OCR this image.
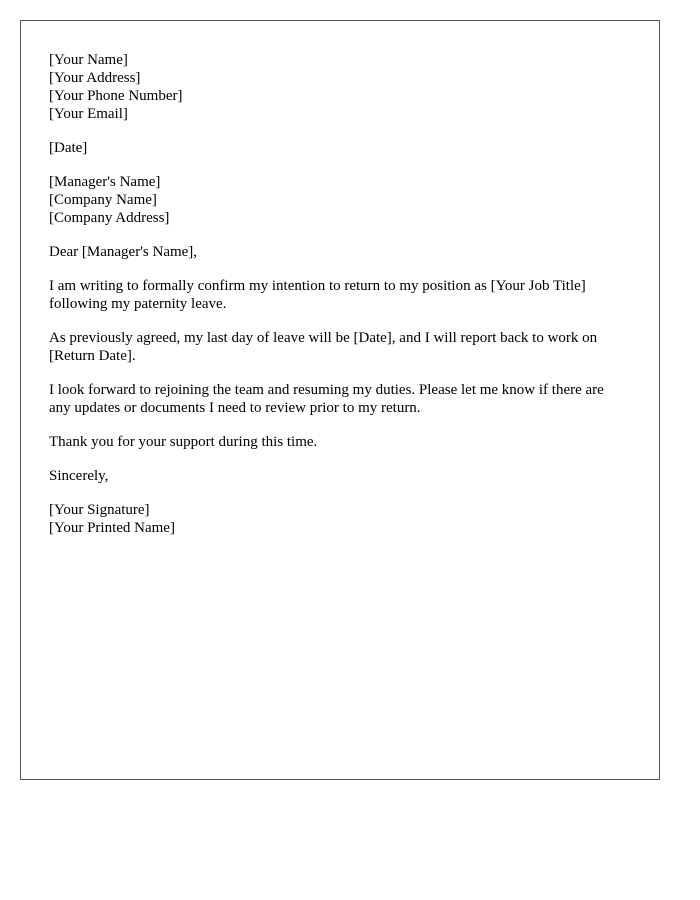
[Your Name]
[Your Address]
[Your Phone Number]
[Your Email]
[Date]
[Manager's Name]
[Company Name]
[Company Address]
Dear [Manager's Name],

I am writing to formally confirm my intention to return to my position as [Your Job Title] following my paternity leave.

As previously agreed, my last day of leave will be [Date], and I will report back to work on [Return Date].

I look forward to rejoining the team and resuming my duties. Please let me know if there are any updates or documents I need to review prior to my return.

Thank you for your support during this time.

Sincerely,
[Your Signature]
[Your Printed Name]
